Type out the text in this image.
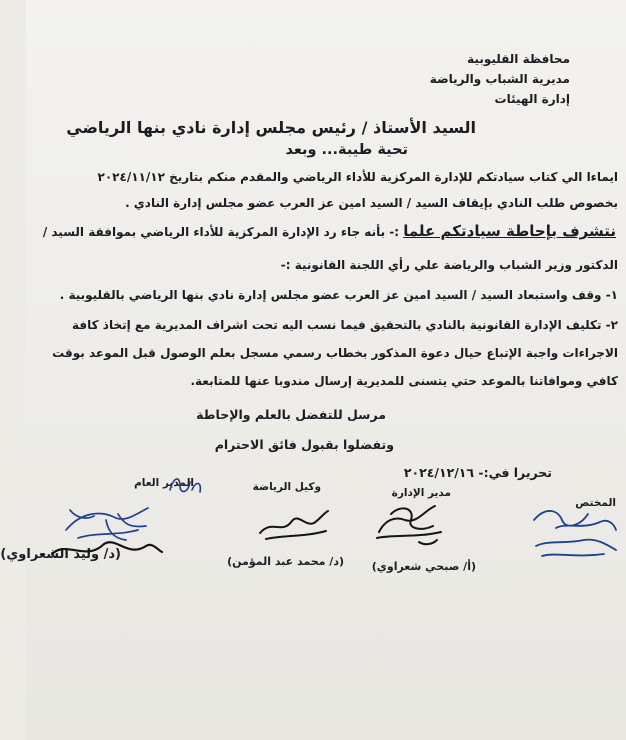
محافظة القليوبية
مديرية الشباب والرياضة
إدارة الهيئات
السيد الأستاذ / رئيس مجلس إدارة نادي بنها الرياضي
تحية طيبة... وبعد
ايماءا الي كتاب سيادتكم للإدارة المركزية للأداء الرياضي والمقدم منكم بتاريخ ٢٠٢٤/١١/١٢
بخصوص طلب النادي بإيقاف السيد / السيد امين عز العرب عضو مجلس إدارة النادي .
نتشرف بإحاطة سيادتكم علما :- بأنه جاء رد الإدارة المركزية للأداء الرياضي بموافقة السيد /
الدكتور وزير الشباب والرياضة علي رأي اللجنة القانونية :-
١- وقف واستبعاد السيد / السيد امين عز العرب عضو مجلس إدارة نادي بنها الرياضي بالقليوبية .
٢- تكليف الإدارة القانونية بالنادي بالتحقيق فيما نسب اليه تحت اشراف المديرية مع إتخاذ كافة
الاجراءات واجبة الإتباع حيال دعوة المذكور بخطاب رسمي مسجل بعلم الوصول قبل الموعد بوقت
كافي وموافاتنا بالموعد حتي يتسنى للمديرية إرسال مندوبا عنها للمتابعة.
مرسل للتفضل بالعلم والإحاطة
وتفضلوا بقبول فائق الاحترام
تحريرا في:- ٢٠٢٤/١٢/١٦
المدير العام	وكيل الرياضة	مدير الإدارة
المختص
(د/ وليد الشعراوي)	(د/ محمد عبد المؤمن)	(أ/ صبحي شعراوي)
